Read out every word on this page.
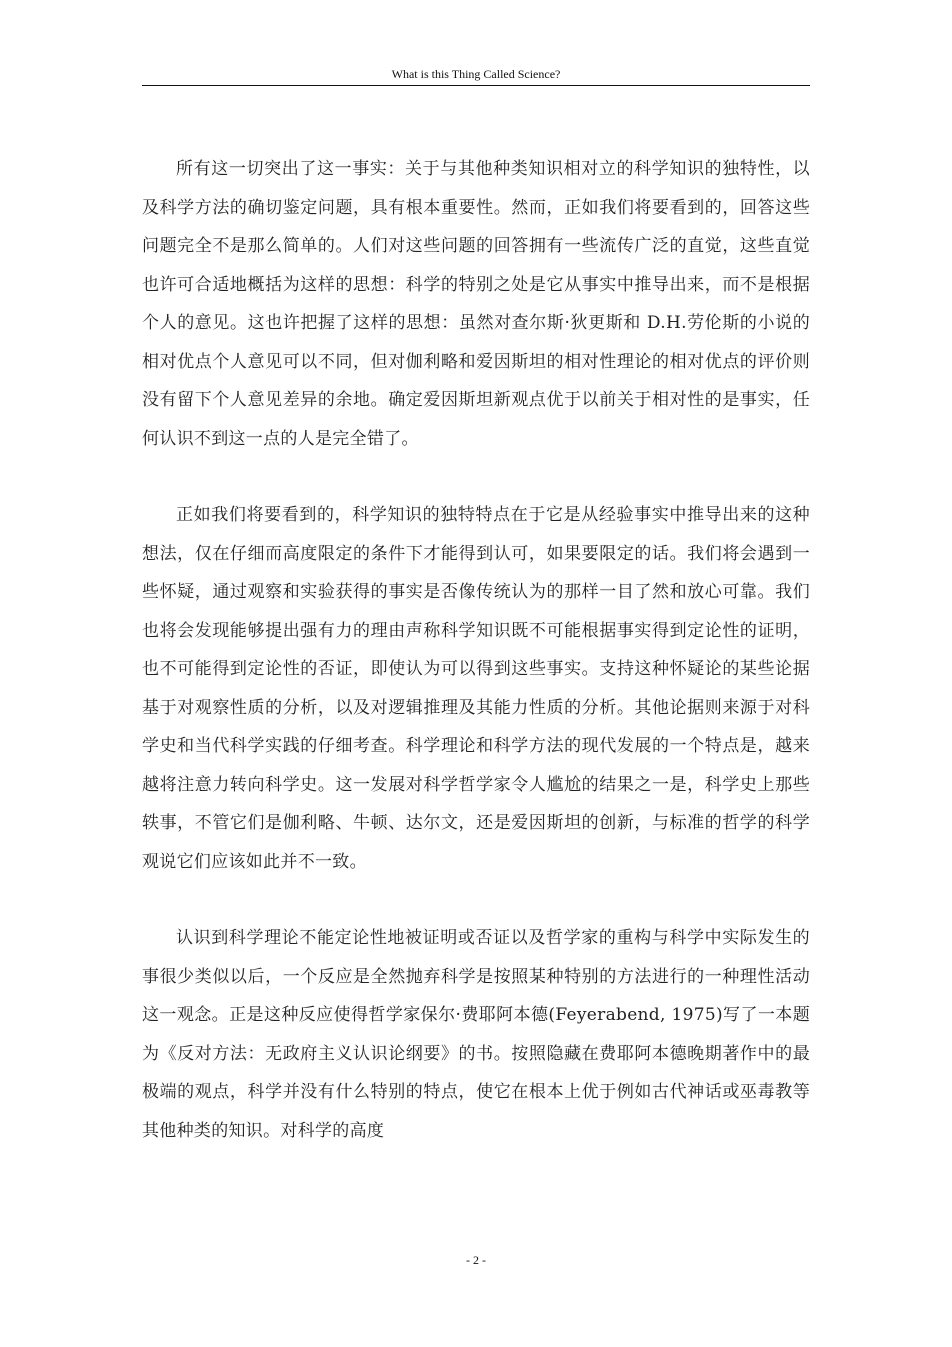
What is this Thing Called Science?

所有这一切突出了这一事实：关于与其他种类知识相对立的科学知识的独特性，以及科学方法的确切鉴定问题，具有根本重要性。然而，正如我们将要看到的，回答这些问题完全不是那么简单的。人们对这些问题的回答拥有一些流传广泛的直觉，这些直觉也许可合适地概括为这样的思想：科学的特别之处是它从事实中推导出来，而不是根据个人的意见。这也许把握了这样的思想：虽然对查尔斯·狄更斯和 D.H.劳伦斯的小说的相对优点个人意见可以不同，但对伽利略和爱因斯坦的相对性理论的相对优点的评价则没有留下个人意见差异的余地。确定爱因斯坦新观点优于以前关于相对性的是事实，任何认识不到这一点的人是完全错了。

正如我们将要看到的，科学知识的独特特点在于它是从经验事实中推导出来的这种想法，仅在仔细而高度限定的条件下才能得到认可，如果要限定的话。我们将会遇到一些怀疑，通过观察和实验获得的事实是否像传统认为的那样一目了然和放心可靠。我们也将会发现能够提出强有力的理由声称科学知识既不可能根据事实得到定论性的证明，也不可能得到定论性的否证，即使认为可以得到这些事实。支持这种怀疑论的某些论据基于对观察性质的分析，以及对逻辑推理及其能力性质的分析。其他论据则来源于对科学史和当代科学实践的仔细考查。科学理论和科学方法的现代发展的一个特点是，越来越将注意力转向科学史。这一发展对科学哲学家令人尴尬的结果之一是，科学史上那些轶事，不管它们是伽利略、牛顿、达尔文，还是爱因斯坦的创新，与标准的哲学的科学观说它们应该如此并不一致。

认识到科学理论不能定论性地被证明或否证以及哲学家的重构与科学中实际发生的事很少类似以后，一个反应是全然抛弃科学是按照某种特别的方法进行的一种理性活动这一观念。正是这种反应使得哲学家保尔·费耶阿本德(Feyerabend, 1975)写了一本题为《反对方法：无政府主义认识论纲要》的书。按照隐藏在费耶阿本德晚期著作中的最极端的观点，科学并没有什么特别的特点，使它在根本上优于例如古代神话或巫毒教等其他种类的知识。对科学的高度

- 2 -
